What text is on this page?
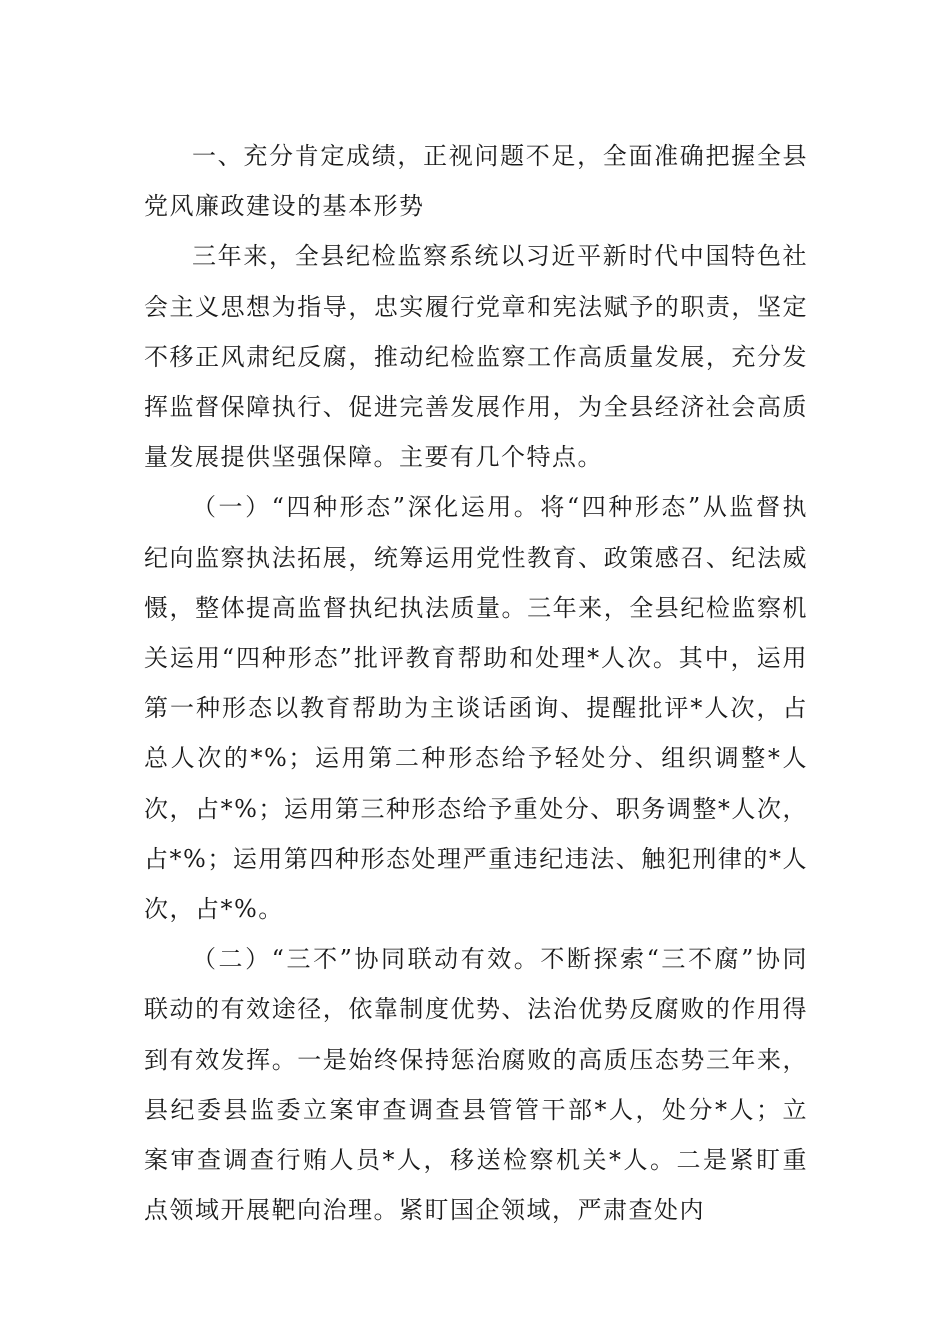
一、充分肯定成绩，正视问题不足，全面准确把握全县党风廉政建设的基本形势

三年来，全县纪检监察系统以习近平新时代中国特色社会主义思想为指导，忠实履行党章和宪法赋予的职责，坚定不移正风肃纪反腐，推动纪检监察工作高质量发展，充分发挥监督保障执行、促进完善发展作用，为全县经济社会高质量发展提供坚强保障。主要有几个特点。

（一）“四种形态”深化运用。将“四种形态”从监督执纪向监察执法拓展，统筹运用党性教育、政策感召、纪法威慑，整体提高监督执纪执法质量。三年来，全县纪检监察机关运用“四种形态”批评教育帮助和处理*人次。其中，运用第一种形态以教育帮助为主谈话函询、提醒批评*人次，占总人次的*%；运用第二种形态给予轻处分、组织调整*人次，占*%；运用第三种形态给予重处分、职务调整*人次，占*%；运用第四种形态处理严重违纪违法、触犯刑律的*人次，占*%。

（二）“三不”协同联动有效。不断探索“三不腐”协同联动的有效途径，依靠制度优势、法治优势反腐败的作用得到有效发挥。一是始终保持惩治腐败的高质压态势三年来，县纪委县监委立案审查调查县管管干部*人，处分*人；立案审查调查行贿人员*人，移送检察机关*人。二是紧盯重点领域开展靶向治理。紧盯国企领域，严肃查处内
